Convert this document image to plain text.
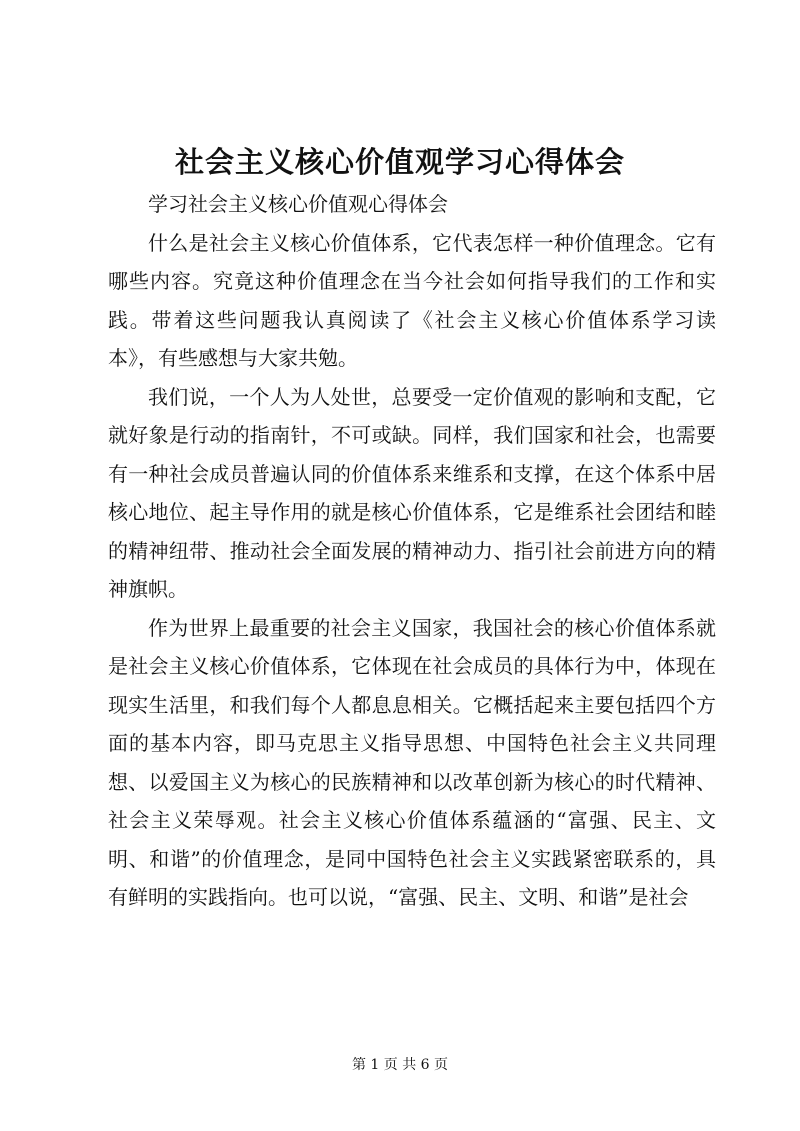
社会主义核心价值观学习心得体会

学习社会主义核心价值观心得体会

什么是社会主义核心价值体系，它代表怎样一种价值理念。它有哪些内容。究竟这种价值理念在当今社会如何指导我们的工作和实践。带着这些问题我认真阅读了《社会主义核心价值体系学习读本》，有些感想与大家共勉。

我们说，一个人为人处世，总要受一定价值观的影响和支配，它就好象是行动的指南针，不可或缺。同样，我们国家和社会，也需要有一种社会成员普遍认同的价值体系来维系和支撑，在这个体系中居核心地位、起主导作用的就是核心价值体系，它是维系社会团结和睦的精神纽带、推动社会全面发展的精神动力、指引社会前进方向的精神旗帜。

作为世界上最重要的社会主义国家，我国社会的核心价值体系就是社会主义核心价值体系，它体现在社会成员的具体行为中，体现在现实生活里，和我们每个人都息息相关。它概括起来主要包括四个方面的基本内容，即马克思主义指导思想、中国特色社会主义共同理想、以爱国主义为核心的民族精神和以改革创新为核心的时代精神、社会主义荣辱观。社会主义核心价值体系蕴涵的“富强、民主、文明、和谐”的价值理念，是同中国特色社会主义实践紧密联系的，具有鲜明的实践指向。也可以说，“富强、民主、文明、和谐”是社会

第 1 页 共 6 页
